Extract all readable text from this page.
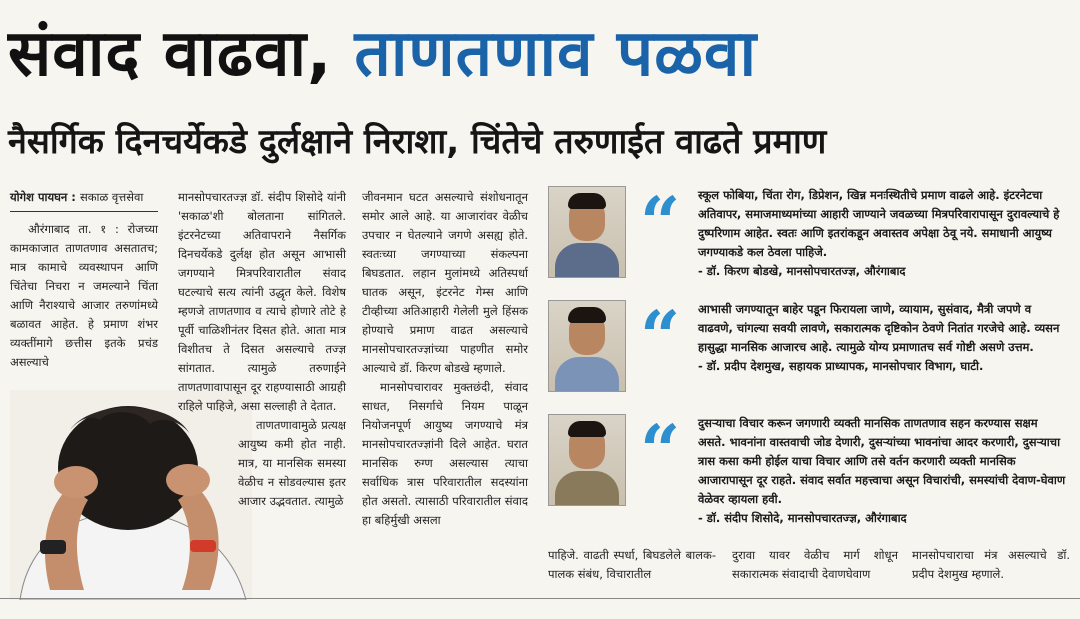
संवाद वाढवा, ताणतणाव पळवा
नैसर्गिक दिनचर्येकडे दुर्लक्षाने निराशा, चिंतेचे तरुणाईत वाढते प्रमाण
योगेश पायघन : सकाळ वृत्तसेवा

औरंगाबाद ता. १ : रोजच्या कामकाजात ताणतणाव असतातच; मात्र कामाचे व्यवस्थापन आणि चिंतेचा निचरा न जमल्याने चिंता आणि नैराश्याचे आजार तरुणांमध्ये बळावत आहेत. हे प्रमाण शंभर व्यक्तींमागे छत्तीस इतके प्रचंड असल्याचे

मानसोपचारतज्ज्ञ डॉ. संदीप शिसोदे यांनी 'सकाळ'शी बोलताना सांगितले. इंटरनेटच्या अतिवापराने नैसर्गिक दिनचर्येकडे दुर्लक्ष होत असून आभासी जगण्याने मित्रपरिवारातील संवाद घटल्याचे सत्य त्यांनी उद्धृत केले. विशेष म्हणजे ताणतणाव व त्याचे होणारे तोटे हे पूर्वी चाळिशीनंतर दिसत होते. आता मात्र विशीतच ते दिसत असल्याचे तज्ज्ञ सांगतात. त्यामुळे तरुणाईने ताणतणावापासून दूर राहण्यासाठी आग्रही राहिले पाहिजे, असा सल्लाही ते देतात.

ताणतणावामुळे प्रत्यक्ष आयुष्य कमी होत नाही. मात्र, या मानसिक समस्या वेळीच न सोडवल्यास इतर आजार उद्भवतात. त्यामुळे

जीवनमान घटत असल्याचे संशोधनातून समोर आले आहे. या आजारांवर वेळीच उपचार न घेतल्याने जगणे असह्य होते. स्वतःच्या जगण्याच्या संकल्पना बिघडतात. लहान मुलांमध्ये अतिस्पर्धा घातक असून, इंटरनेट गेम्स आणि टीव्हीच्या अतिआहारी गेलेली मुले हिंसक होण्याचे प्रमाण वाढत असल्याचे मानसोपचारतज्ज्ञांच्या पाहणीत समोर आल्याचे डॉ. किरण बोडखे म्हणाले.

मानसोपचारावर मुक्तछंदी, संवाद साधत, निसर्गाचे नियम पाळून नियोजनपूर्ण आयुष्य जगण्याचे मंत्र मानसोपचारतज्ज्ञांनी दिले आहेत. घरात मानसिक रुग्ण असल्यास त्याचा सर्वाधिक त्रास परिवारातील सदस्यांना होत असतो. त्यासाठी परिवारातील संवाद हा बहिर्मुखी असला

“	स्कूल फोबिया, चिंता रोग, डिप्रेशन, खिन्न मनःस्थितीचे प्रमाण वाढले आहे. इंटरनेटचा अतिवापर, समाजमाध्यमांच्या आहारी जाण्याने जवळच्या मित्रपरिवारापासून दुरावल्याचे हे दुष्परिणाम आहेत. स्वतः आणि इतरांकडून अवास्तव अपेक्षा ठेवू नये. समाधानी आयुष्य जगण्याकडे कल ठेवला पाहिजे.
- डॉ. किरण बोडखे, मानसोपचारतज्ज्ञ, औरंगाबाद
“	आभासी जगण्यातून बाहेर पडून फिरायला जाणे, व्यायाम, सुसंवाद, मैत्री जपणे व वाढवणे, चांगल्या सवयी लावणे, सकारात्मक दृष्टिकोन ठेवणे नितांत गरजेचे आहे. व्यसन हासुद्धा मानसिक आजारच आहे. त्यामुळे योग्य प्रमाणातच सर्व गोष्टी असणे उत्तम.
- डॉ. प्रदीप देशमुख, सहायक प्राध्यापक, मानसोपचार विभाग, घाटी.
“	दुसऱ्याचा विचार करून जगणारी व्यक्ती मानसिक ताणतणाव सहन करण्यास सक्षम असते. भावनांना वास्तवाची जोड देणारी, दुसऱ्यांच्या भावनांचा आदर करणारी, दुसऱ्याचा त्रास कसा कमी होईल याचा विचार आणि तसे वर्तन करणारी व्यक्ती मानसिक आजारापासून दूर राहते. संवाद सर्वात महत्त्वाचा असून विचारांची, समस्यांची देवाण-घेवाण वेळेवर व्हायला हवी.
- डॉ. संदीप शिसोदे, मानसोपचारतज्ज्ञ, औरंगाबाद
पाहिजे. वाढती स्पर्धा, बिघडलेले बालक-पालक संबंध, विचारातील
दुरावा यावर वेळीच मार्ग शोधून सकारात्मक संवादाची देवाणघेवाण
मानसोपचाराचा मंत्र असल्याचे डॉ. प्रदीप देशमुख म्हणाले.
